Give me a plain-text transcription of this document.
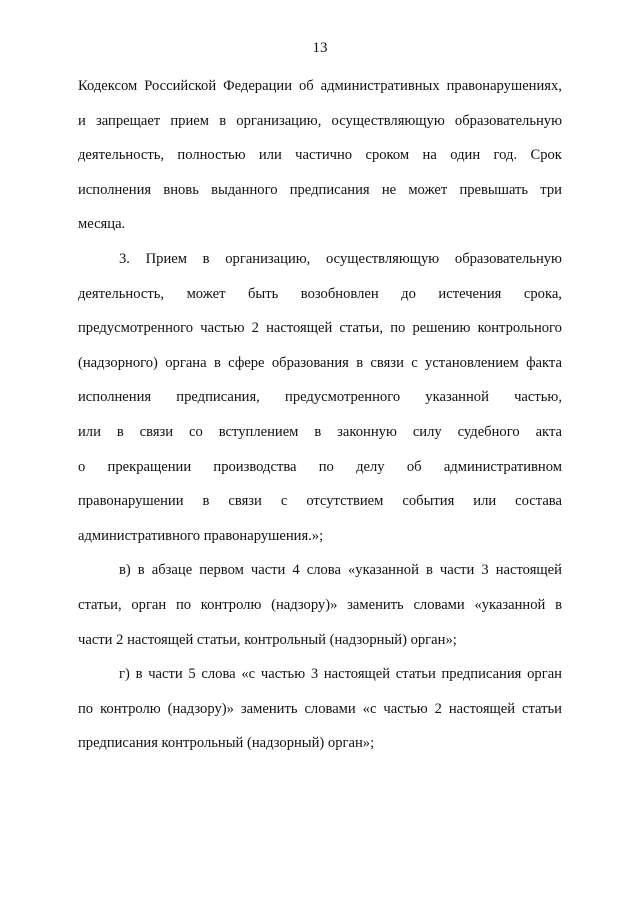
13
Кодексом Российской Федерации об административных правонарушениях,
и запрещает прием в организацию, осуществляющую образовательную
деятельность, полностью или частично сроком на один год. Срок
исполнения вновь выданного предписания не может превышать три
месяца.
3. Прием в организацию, осуществляющую образовательную
деятельность, может быть возобновлен до истечения срока,
предусмотренного частью 2 настоящей статьи, по решению контрольного
(надзорного) органа в сфере образования в связи с установлением факта
исполнения предписания, предусмотренного указанной частью,
или в связи со вступлением в законную силу судебного акта
о прекращении производства по делу об административном
правонарушении в связи с отсутствием события или состава
административного правонарушения.»;
в) в абзаце первом части 4 слова «указанной в части 3 настоящей
статьи, орган по контролю (надзору)» заменить словами «указанной в
части 2 настоящей статьи, контрольный (надзорный) орган»;
г) в части 5 слова «с частью 3 настоящей статьи предписания орган
по контролю (надзору)» заменить словами «с частью 2 настоящей статьи
предписания контрольный (надзорный) орган»;
